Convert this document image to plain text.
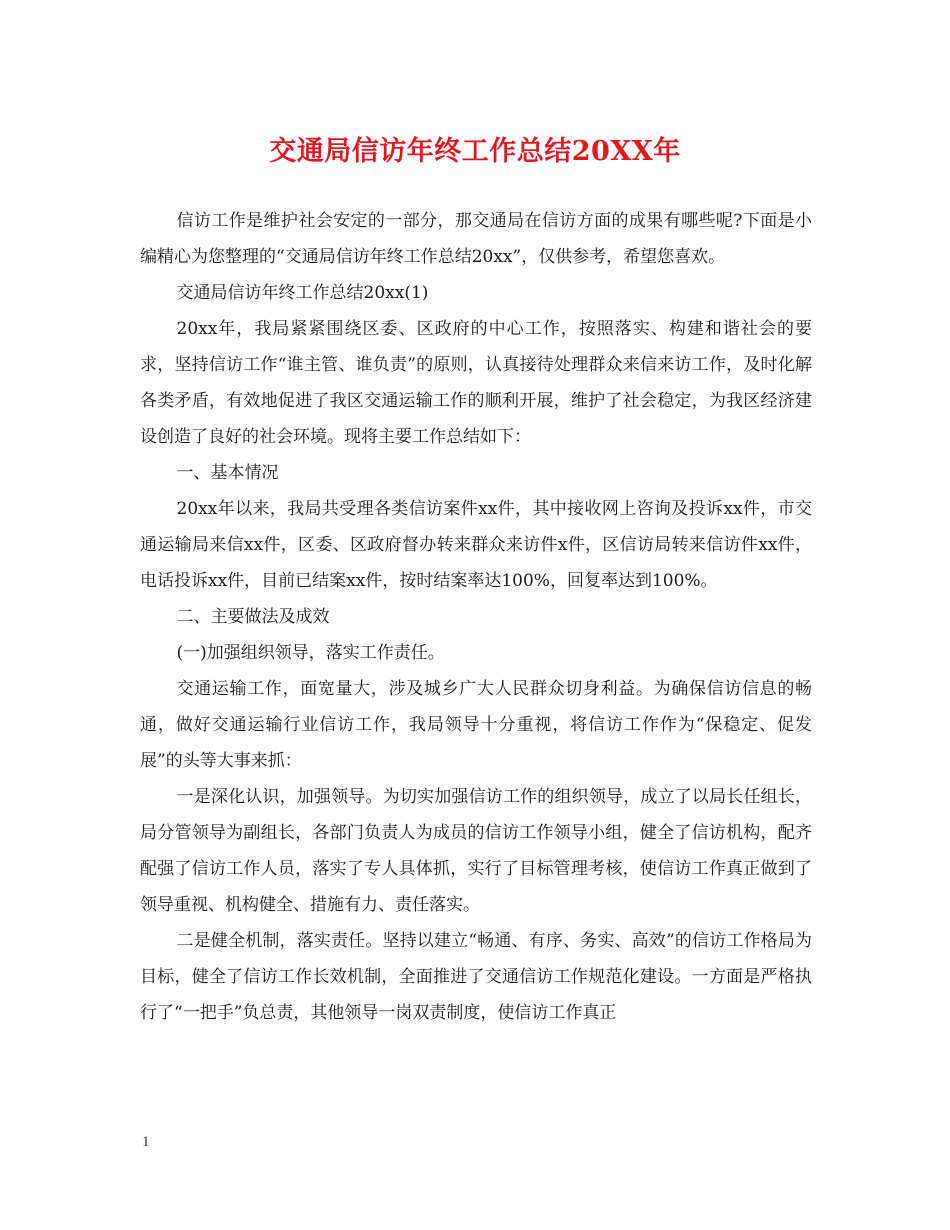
交通局信访年终工作总结20XX年

信访工作是维护社会安定的一部分，那交通局在信访方面的成果有哪些呢?下面是小编精心为您整理的“交通局信访年终工作总结20xx”，仅供参考，希望您喜欢。

交通局信访年终工作总结20xx(1)

20xx年，我局紧紧围绕区委、区政府的中心工作，按照落实、构建和谐社会的要求，坚持信访工作“谁主管、谁负责”的原则，认真接待处理群众来信来访工作，及时化解各类矛盾，有效地促进了我区交通运输工作的顺利开展，维护了社会稳定，为我区经济建设创造了良好的社会环境。现将主要工作总结如下：

一、基本情况

20xx年以来，我局共受理各类信访案件xx件，其中接收网上咨询及投诉xx件，市交通运输局来信xx件，区委、区政府督办转来群众来访件x件，区信访局转来信访件xx件，电话投诉xx件，目前已结案xx件，按时结案率达100%，回复率达到100%。

二、主要做法及成效

(一)加强组织领导，落实工作责任。

交通运输工作，面宽量大，涉及城乡广大人民群众切身利益。为确保信访信息的畅通，做好交通运输行业信访工作，我局领导十分重视，将信访工作作为“保稳定、促发展”的头等大事来抓：

一是深化认识，加强领导。为切实加强信访工作的组织领导，成立了以局长任组长，局分管领导为副组长，各部门负责人为成员的信访工作领导小组，健全了信访机构，配齐配强了信访工作人员，落实了专人具体抓，实行了目标管理考核，使信访工作真正做到了领导重视、机构健全、措施有力、责任落实。

二是健全机制，落实责任。坚持以建立“畅通、有序、务实、高效”的信访工作格局为目标，健全了信访工作长效机制，全面推进了交通信访工作规范化建设。一方面是严格执行了“一把手”负总责，其他领导一岗双责制度，使信访工作真正

1
